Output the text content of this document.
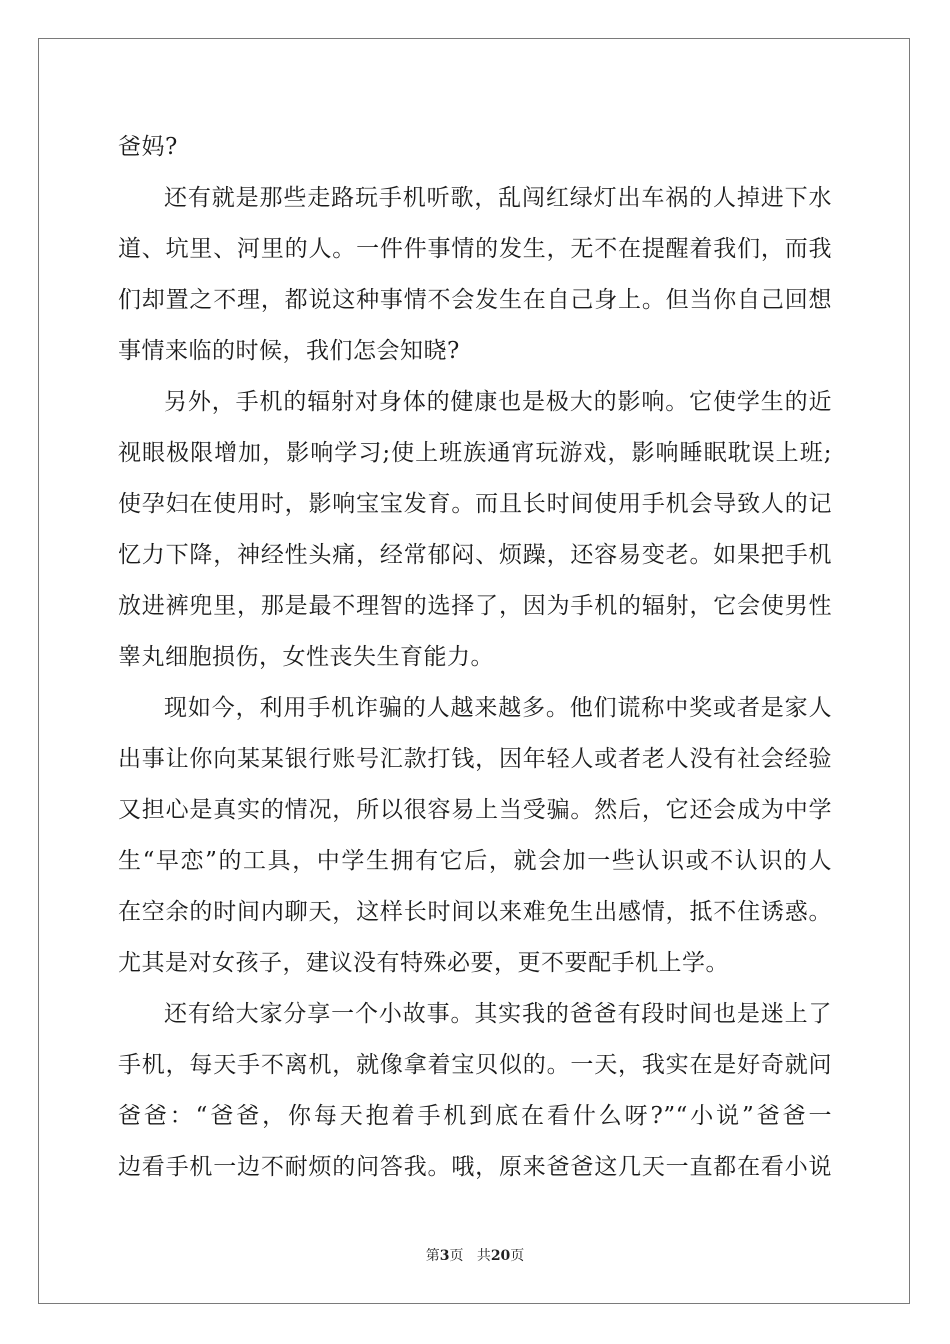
爸妈?
还有就是那些走路玩手机听歌，乱闯红绿灯出车祸的人掉进下水
道、坑里、河里的人。一件件事情的发生，无不在提醒着我们，而我
们却置之不理，都说这种事情不会发生在自己身上。但当你自己回想
事情来临的时候，我们怎会知晓?
另外，手机的辐射对身体的健康也是极大的影响。它使学生的近
视眼极限增加，影响学习;使上班族通宵玩游戏，影响睡眠耽误上班;
使孕妇在使用时，影响宝宝发育。而且长时间使用手机会导致人的记
忆力下降，神经性头痛，经常郁闷、烦躁，还容易变老。如果把手机
放进裤兜里，那是最不理智的选择了，因为手机的辐射，它会使男性
睾丸细胞损伤，女性丧失生育能力。
现如今，利用手机诈骗的人越来越多。他们谎称中奖或者是家人
出事让你向某某银行账号汇款打钱，因年轻人或者老人没有社会经验
又担心是真实的情况，所以很容易上当受骗。然后，它还会成为中学
生“早恋”的工具，中学生拥有它后，就会加一些认识或不认识的人
在空余的时间内聊天，这样长时间以来难免生出感情，抵不住诱惑。
尤其是对女孩子，建议没有特殊必要，更不要配手机上学。
还有给大家分享一个小故事。其实我的爸爸有段时间也是迷上了
手机，每天手不离机，就像拿着宝贝似的。一天，我实在是好奇就问
爸爸：“爸爸，你每天抱着手机到底在看什么呀?”“小说”爸爸一
边看手机一边不耐烦的问答我。哦，原来爸爸这几天一直都在看小说
第3页 共20页
